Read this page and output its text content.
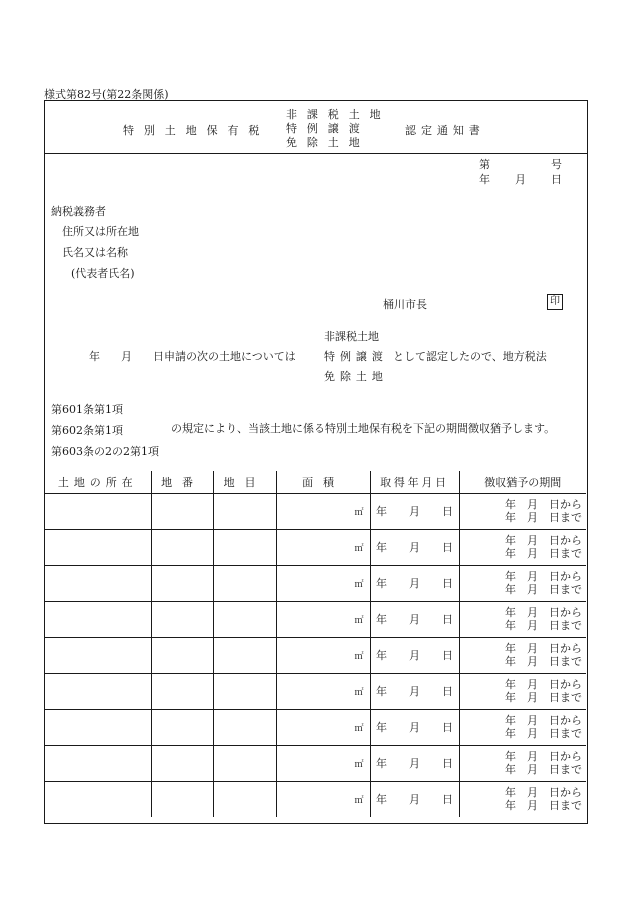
様式第82号(第22条関係)
特別土地保有税
非課税土地
特例譲渡
免除土地
認定通知書
第	号
年 月 日
納税義務者
住所又は所在地
氏名又は名称
(代表者氏名)
桶川市長	印
年 月 日申請の次の土地については
非課税土地
特例譲渡
免除土地
として認定したので、地方税法
第601条第1項
第602条第1項
第603条の2の2第1項
の規定により、当該土地に係る特別土地保有税を下記の期間徴収猶予します。
土地の所在	地番	地目	面積	取得年月日	徴収猶予の期間
			㎡	年　　 月　　 日	年　月　日から
年　月　日まで

			㎡	年　　 月　　 日	年　月　日から
年　月　日まで

			㎡	年　　 月　　 日	年　月　日から
年　月　日まで

			㎡	年　　 月　　 日	年　月　日から
年　月　日まで

			㎡	年　　 月　　 日	年　月　日から
年　月　日まで

			㎡	年　　 月　　 日	年　月　日から
年　月　日まで

			㎡	年　　 月　　 日	年　月　日から
年　月　日まで

			㎡	年　　 月　　 日	年　月　日から
年　月　日まで

			㎡	年　　 月　　 日	年　月　日から
年　月　日まで
